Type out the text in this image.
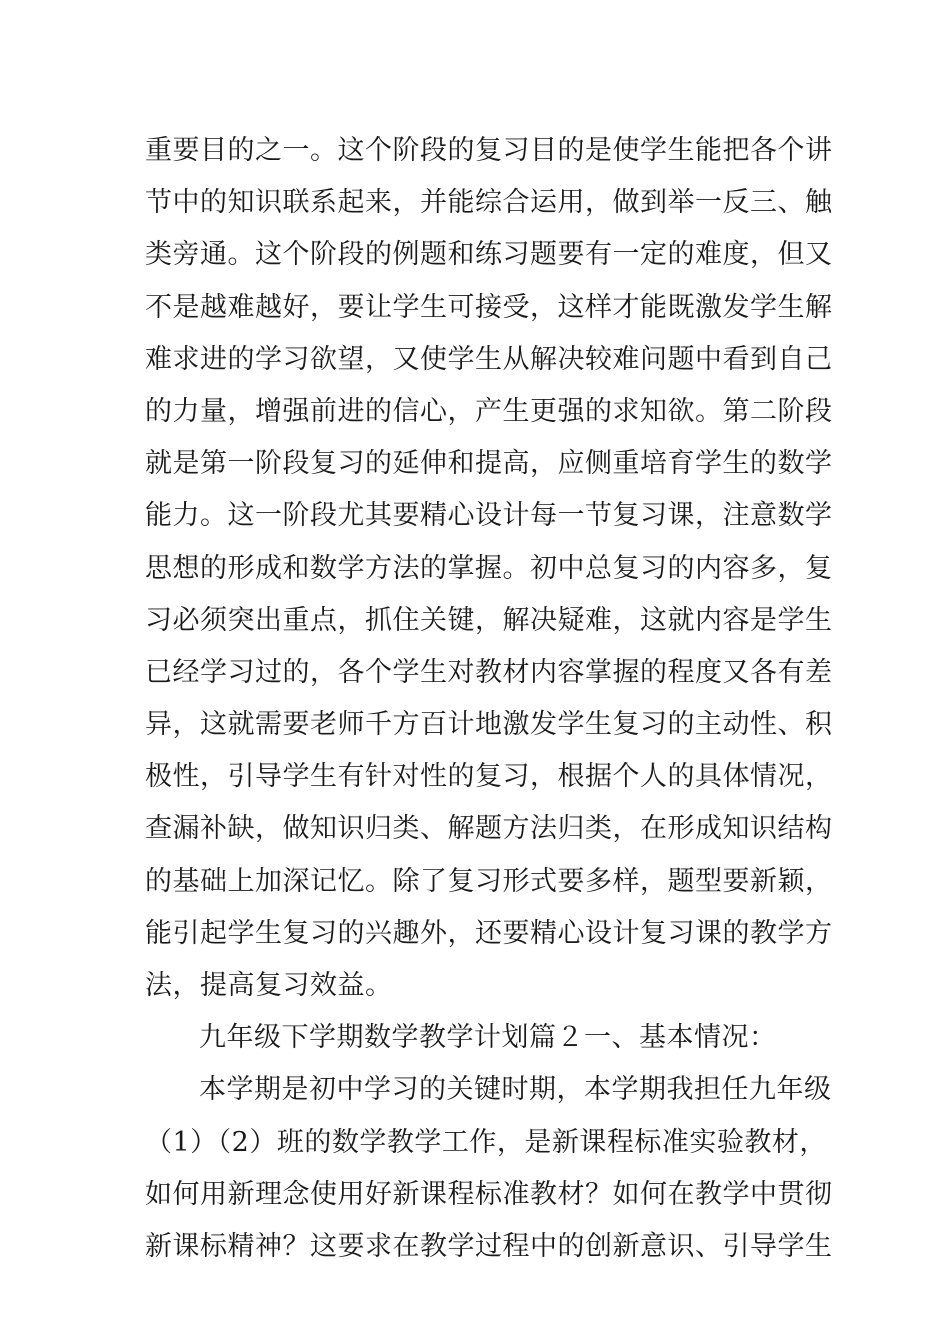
重要目的之一。这个阶段的复习目的是使学生能把各个讲
节中的知识联系起来，并能综合运用，做到举一反三、触
类旁通。这个阶段的例题和练习题要有一定的难度，但又
不是越难越好，要让学生可接受，这样才能既激发学生解
难求进的学习欲望，又使学生从解决较难问题中看到自己
的力量，增强前进的信心，产生更强的求知欲。第二阶段
就是第一阶段复习的延伸和提高，应侧重培育学生的数学
能力。这一阶段尤其要精心设计每一节复习课，注意数学
思想的形成和数学方法的掌握。初中总复习的内容多，复
习必须突出重点，抓住关键，解决疑难，这就内容是学生
已经学习过的，各个学生对教材内容掌握的程度又各有差
异，这就需要老师千方百计地激发学生复习的主动性、积
极性，引导学生有针对性的复习，根据个人的具体情况，
查漏补缺，做知识归类、解题方法归类，在形成知识结构
的基础上加深记忆。除了复习形式要多样，题型要新颖，
能引起学生复习的兴趣外，还要精心设计复习课的教学方
法，提高复习效益。
九年级下学期数学教学计划篇２一、基本情况：
本学期是初中学习的关键时期，本学期我担任九年级
（1）（2）班的数学教学工作，是新课程标准实验教材，
如何用新理念使用好新课程标准教材？如何在教学中贯彻
新课标精神？这要求在教学过程中的创新意识、引导学生
